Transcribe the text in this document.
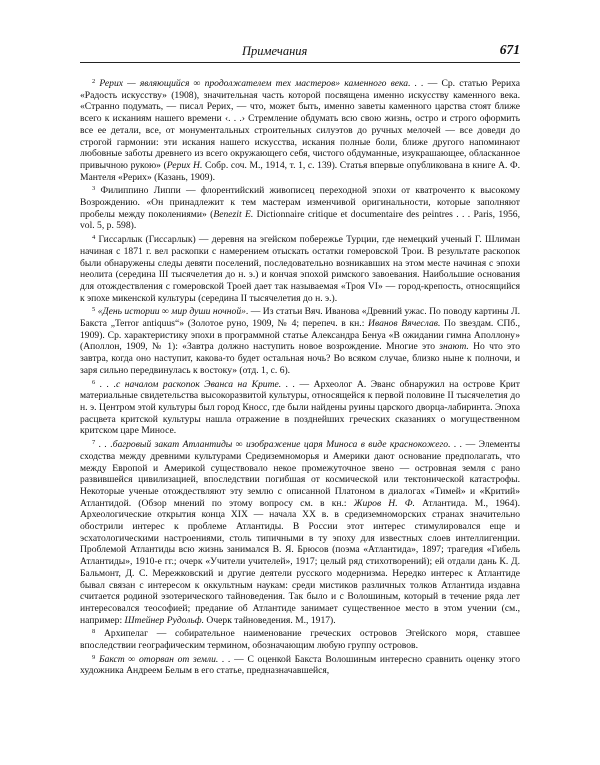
Примечания	671

$^2$ Рерих — являющийся ∞ продолжателем тех мастеров» каменного века. . . — Ср. статью Рериха «Радость искусству» (1908), значительная часть которой посвящена именно искусству каменного века. «Странно подумать, — писал Рерих, — что, может быть, именно заветы каменного царства стоят ближе всего к исканиям нашего времени ‹. . .› Стремление обдумать всю свою жизнь, остро и строго оформить все ее детали, все, от монументальных строительных силуэтов до ручных мелочей — все доведи до строгой гармонии: эти искания нашего искусства, искания полные боли, ближе другого напоминают любовные заботы древнего из всего окружающего себя, чистого обдуманные, изукрашающее, обласканное привычною рукою» (Рерих Н. Собр. соч. М., 1914, т. 1, с. 139). Статья впервые опубликована в книге А. Ф. Мантеля «Рерих» (Казань, 1909).

$^3$ Филиппино Липпи — флорентийский живописец переходной эпохи от кватроченто к высокому Возрождению. «Он принадлежит к тем мастерам изменчивой оригинальности, которые заполняют пробелы между поколениями» (Benezit E. Dictionnaire critique et documentaire des peintres . . . Paris, 1956, vol. 5, p. 598).

$^4$ Гиссарлык (Гиссарлык) — деревня на эгейском побережье Турции, где немецкий ученый Г. Шлиман начиная с 1871 г. вел раскопки с намерением отыскать остатки гомеровской Трои. В результате раскопок были обнаружены следы девяти поселений, последовательно возникавших на этом месте начиная с эпохи неолита (середина III тысячелетия до н. э.) и кончая эпохой римского завоевания. Наибольшие основания для отождествления с гомеровской Троей дает так называемая «Троя VI» — город-крепость, относящийся к эпохе микенской культуры (середина II тысячелетия до н. э.).

$^5$ «День истории ∞ мир души ночной». — Из статьи Вяч. Иванова «Древний ужас. По поводу картины Л. Бакста „Terror antiquus“» (Золотое руно, 1909, № 4; перепеч. в кн.: Иванов Вячеслав. По звездам. СПб., 1909). Ср. характеристику эпохи в программной статье Александра Бенуа «В ожидании гимна Аполлону» (Аполлон, 1909, № 1): «Завтра должно наступить новое возрождение. Многие это знают. Но что это завтра, когда оно наступит, какова-то будет остальная ночь? Во всяком случае, близко ныне к полночи, и заря сильно передвинулась к востоку» (отд. 1, с. 6).

$^6$ . . .с началом раскопок Эванса на Крите. . . — Археолог А. Эванс обнаружил на острове Крит материальные свидетельства высокоразвитой культуры, относящейся к первой половине II тысячелетия до н. э. Центром этой культуры был город Кносс, где были найдены руины царского дворца-лабиринта. Эпоха расцвета критской культуры нашла отражение в позднейших греческих сказаниях о могущественном критском царе Миносе.

$^7$ . . .багровый закат Атлантиды ∞ изображение царя Миноса в виде краснокожего. . . — Элементы сходства между древними культурами Средиземноморья и Америки дают основание предполагать, что между Европой и Америкой существовало некое промежуточное звено — островная земля с рано развившейся цивилизацией, впоследствии погибшая от космической или тектонической катастрофы. Некоторые ученые отождествляют эту землю с описанной Платоном в диалогах «Тимей» и «Критий» Атлантидой. (Обзор мнений по этому вопросу см. в кн.: Жиров Н. Ф. Атлантида. М., 1964). Археологические открытия конца XIX — начала XX в. в средиземноморских странах значительно обострили интерес к проблеме Атлантиды. В России этот интерес стимулировался еще и эсхатологическими настроениями, столь типичными в ту эпоху для известных слоев интеллигенции. Проблемой Атлантиды всю жизнь занимался В. Я. Брюсов (поэма «Атлантида», 1897; трагедия «Гибель Атлантиды», 1910-е гг.; очерк «Учители учителей», 1917; целый ряд стихотворений); ей отдали дань К. Д. Бальмонт, Д. С. Мережковский и другие деятели русского модернизма. Нередко интерес к Атлантиде бывал связан с интересом к оккультным наукам: среди мистиков различных толков Атлантида издавна считается родиной эзотерического тайноведения. Так было и с Волошиным, который в течение ряда лет интересовался теософией; предание об Атлантиде занимает существенное место в этом учении (см., например: Штейнер Рудольф. Очерк тайноведения. М., 1917).

$^8$ Архипелаг — собирательное наименование греческих островов Эгейского моря, ставшее впоследствии географическим термином, обозначающим любую группу островов.

$^9$ Бакст ∞ оторван от земли. . . — С оценкой Бакста Волошиным интересно сравнить оценку этого художника Андреем Белым в его статье, предназначавшейся,
